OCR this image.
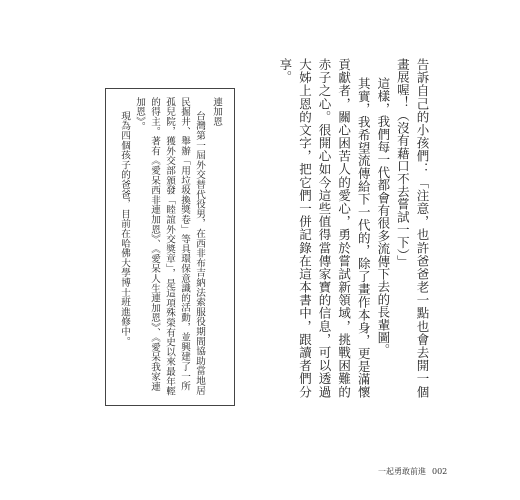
告訴自己的小孩們：「注意，也許爸爸老一點也會去開一個畫展喔！（沒有藉口不去嘗試一下）」

這樣，我們每一代都會有很多流傳下去的長輩圖。

其實，我希望流傳給下一代的，除了畫作本身，更是滿懷貢獻者，關心困苦人的愛心，勇於嘗試新領域，挑戰困難的赤子之心。很開心如今這些值得當傳家寶的信息，可以透過大姊上恩的文字，把它們一併記錄在這本書中，跟讀者們分享。

連加恩

台灣第一屆外交替代役男，在西非布吉納法索服役期間協助當地居民掘井、舉辦「用垃圾換獎卷」等具環保意識的活動，並興建了一所孤兒院，獲外交部頒發「睦誼外交獎章」，是這項殊榮有史以來最年輕的得主。著有《愛呆西非連加恩》、《愛呆人生連加恩》、《愛呆我家連加恩》。

現為四個孩子的爸爸，目前在哈佛大學博士班進修中。

一起勇敢前進 002
